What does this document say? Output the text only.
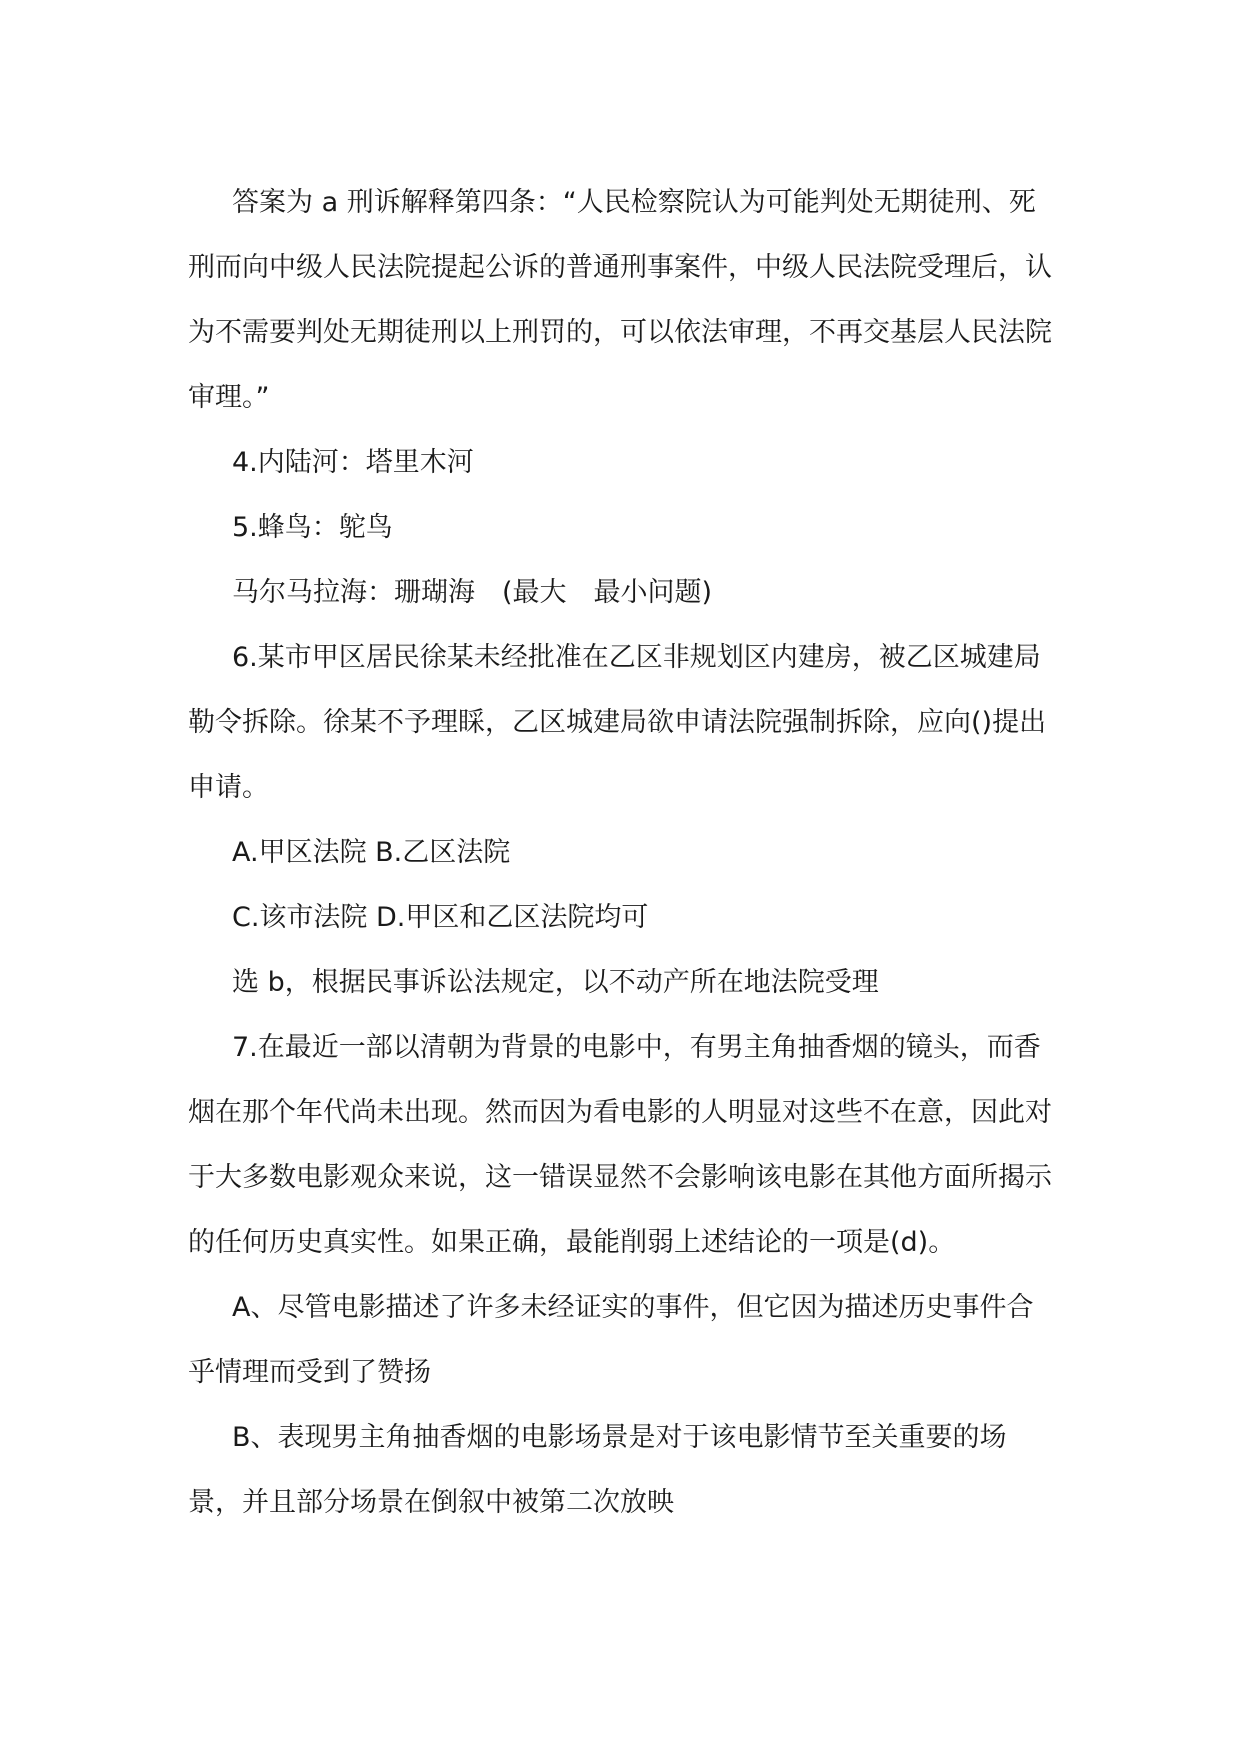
答案为 a 刑诉解释第四条：“人民检察院认为可能判处无期徒刑、死刑而向中级人民法院提起公诉的普通刑事案件，中级人民法院受理后，认为不需要判处无期徒刑以上刑罚的，可以依法审理，不再交基层人民法院审理。”

4.内陆河：塔里木河

5.蜂鸟：鸵鸟

马尔马拉海：珊瑚海　(最大　最小问题)

6.某市甲区居民徐某未经批准在乙区非规划区内建房，被乙区城建局勒令拆除。徐某不予理睬，乙区城建局欲申请法院强制拆除，应向()提出申请。

A.甲区法院 B.乙区法院

C.该市法院 D.甲区和乙区法院均可

选 b，根据民事诉讼法规定，以不动产所在地法院受理

7.在最近一部以清朝为背景的电影中，有男主角抽香烟的镜头，而香烟在那个年代尚未出现。然而因为看电影的人明显对这些不在意，因此对于大多数电影观众来说，这一错误显然不会影响该电影在其他方面所揭示的任何历史真实性。如果正确，最能削弱上述结论的一项是(d)。

A、尽管电影描述了许多未经证实的事件，但它因为描述历史事件合乎情理而受到了赞扬

B、表现男主角抽香烟的电影场景是对于该电影情节至关重要的场景，并且部分场景在倒叙中被第二次放映
